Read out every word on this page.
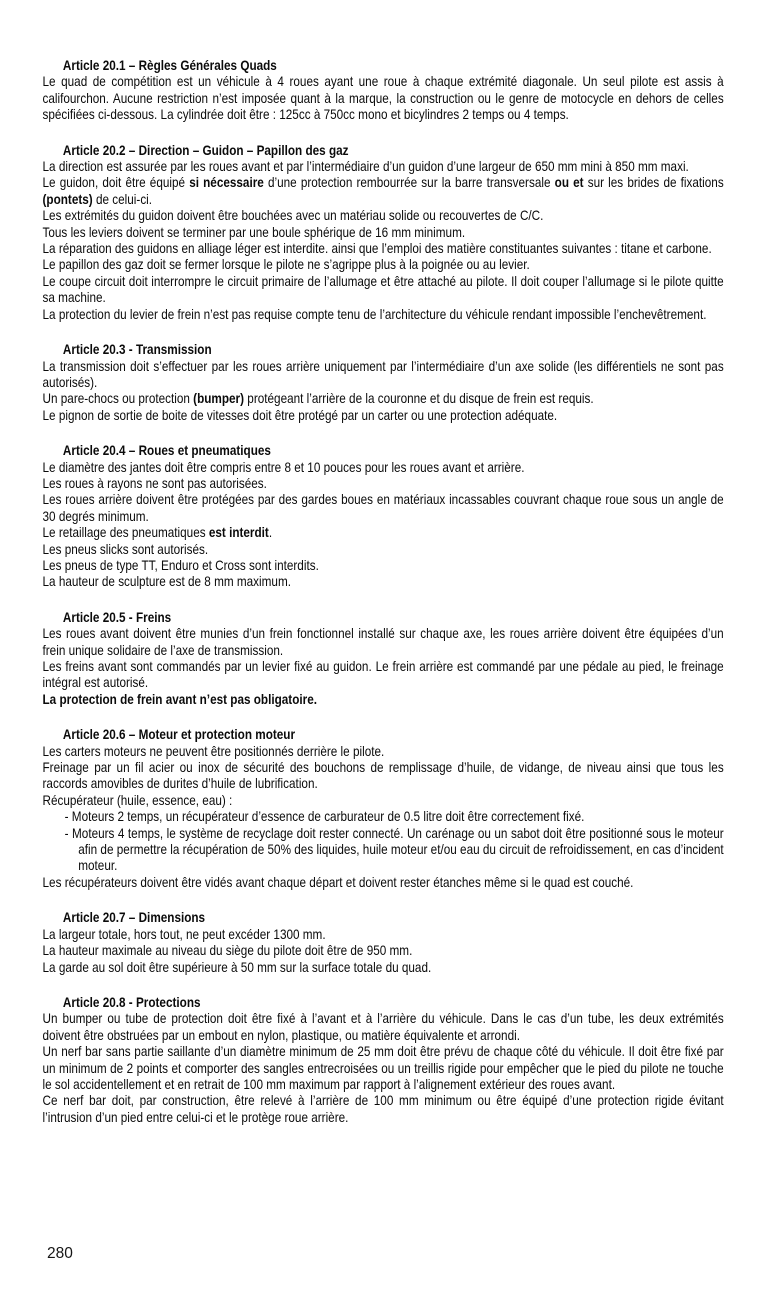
Article 20.1 – Règles Générales Quads

Le quad de compétition est un véhicule à 4 roues ayant une roue à chaque extrémité diagonale. Un seul pilote est assis à califourchon. Aucune restriction n’est imposée quant à la marque, la construction ou le genre de motocycle en dehors de celles spécifiées ci-dessous. La cylindrée doit être : 125cc à 750cc mono et bicylindres 2 temps ou 4 temps.

Article 20.2 – Direction – Guidon – Papillon des gaz

La direction est assurée par les roues avant et par l’intermédiaire d’un guidon d’une largeur de 650 mm mini à 850 mm maxi.

Le guidon, doit être équipé si nécessaire d’une protection rembourrée sur la barre transversale ou et sur les brides de fixations (pontets) de celui-ci.

Les extrémités du guidon doivent être bouchées avec un matériau solide ou recouvertes de C/C.

Tous les leviers doivent se terminer par une boule sphérique de 16 mm minimum.

La réparation des guidons en alliage léger est interdite. ainsi que l’emploi des matière constituantes suivantes : titane et carbone.

Le papillon des gaz doit se fermer lorsque le pilote ne s’agrippe plus à la poignée ou au levier.

Le coupe circuit doit interrompre le circuit primaire de l’allumage et être attaché au pilote. Il doit couper l’allumage si le pilote quitte sa machine.

La protection du levier de frein n’est pas requise compte tenu de l’architecture du véhicule rendant impossible l’enchevêtrement.

Article 20.3 - Transmission

La transmission doit s’effectuer par les roues arrière uniquement par l’intermédiaire d’un axe solide (les différentiels ne sont pas autorisés).

Un pare-chocs ou protection (bumper) protégeant l’arrière de la couronne et du disque de frein est requis.

Le pignon de sortie de boite de vitesses doit être protégé par un carter ou une protection adéquate.

Article 20.4 – Roues et pneumatiques

Le diamètre des jantes doit être compris entre 8 et 10 pouces pour les roues avant et arrière.

Les roues à rayons ne sont pas autorisées.

Les roues arrière doivent être protégées par des gardes boues en matériaux incassables couvrant chaque roue sous un angle de 30 degrés minimum.

Le retaillage des pneumatiques est interdit.

Les pneus slicks sont autorisés.

Les pneus de type TT, Enduro et Cross sont interdits.

La hauteur de sculpture est de 8 mm maximum.

Article 20.5 - Freins

Les roues avant doivent être munies d’un frein fonctionnel installé sur chaque axe, les roues arrière doivent être équipées d’un frein unique solidaire de l’axe de transmission.

Les freins avant sont commandés par un levier fixé au guidon. Le frein arrière est commandé par une pédale au pied, le freinage intégral est autorisé.

La protection de frein avant n’est pas obligatoire.

Article 20.6 – Moteur et protection moteur

Les carters moteurs ne peuvent être positionnés derrière le pilote.

Freinage par un fil acier ou inox de sécurité des bouchons de remplissage d’huile, de vidange, de niveau ainsi que tous les raccords amovibles de durites d’huile de lubrification.

Récupérateur (huile, essence, eau) :

- Moteurs 2 temps, un récupérateur d’essence de carburateur de 0.5 litre doit être correctement fixé.

- Moteurs 4 temps, le système de recyclage doit rester connecté. Un carénage ou un sabot doit être positionné sous le moteur afin de permettre la récupération de 50% des liquides, huile moteur et/ou eau du circuit de refroidissement, en cas d’incident moteur.

Les récupérateurs doivent être vidés avant chaque départ et doivent rester étanches même si le quad est couché.

Article 20.7 – Dimensions

La largeur totale, hors tout, ne peut excéder 1300 mm.

La hauteur maximale au niveau du siège du pilote doit être de 950 mm.

La garde au sol doit être supérieure à 50 mm sur la surface totale du quad.

Article 20.8 - Protections

Un bumper ou tube de protection doit être fixé à l’avant et à l’arrière du véhicule. Dans le cas d’un tube, les deux extrémités doivent être obstruées par un embout en nylon, plastique, ou matière équivalente et arrondi.

Un nerf bar sans partie saillante d’un diamètre minimum de 25 mm doit être prévu de chaque côté du véhicule. Il doit être fixé par un minimum de 2 points et comporter des sangles entrecroisées ou un treillis rigide pour empêcher que le pied du pilote ne touche le sol accidentellement et en retrait de 100 mm maximum par rapport à l’alignement extérieur des roues avant.

Ce nerf bar doit, par construction, être relevé à l’arrière de 100 mm minimum ou être équipé d’une protection rigide évitant l’intrusion d’un pied entre celui-ci et le protège roue arrière.

280
